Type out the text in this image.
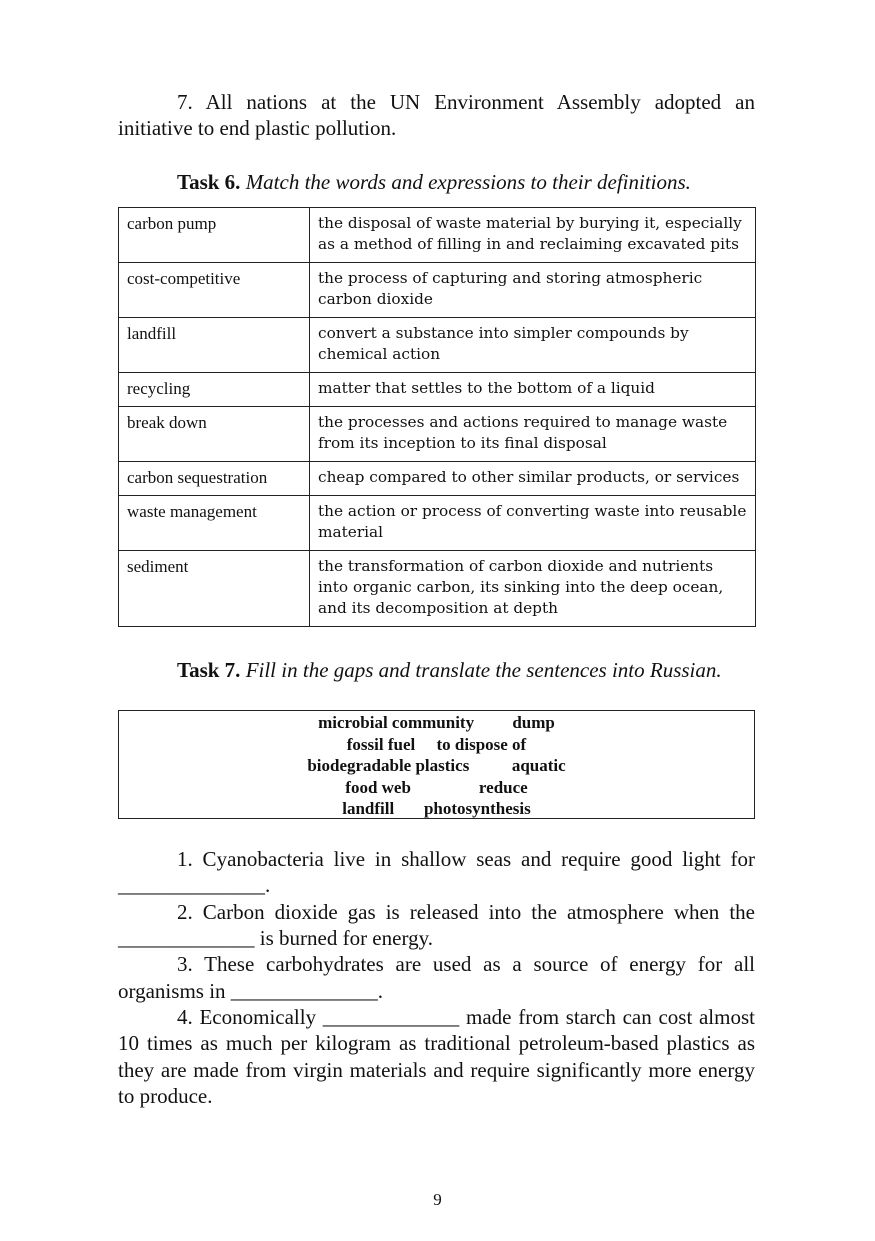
7. All nations at the UN Environment Assembly adopted an initiative to end plastic pollution.

Task 6. Match the words and expressions to their definitions.

carbon pump	the disposal of waste material by burying it, especially as a method of filling in and reclaiming excavated pits
cost-competitive	the process of capturing and storing atmospheric carbon dioxide
landfill	convert a substance into simpler compounds by chemical action
recycling	matter that settles to the bottom of a liquid
break down	the processes and actions required to manage waste from its inception to its final disposal
carbon sequestration	cheap compared to other similar products, or services
waste management	the action or process of converting waste into reusable material
sediment	the transformation of carbon dioxide and nutrients into organic carbon, its sinking into the deep ocean, and its decomposition at depth

Task 7. Fill in the gaps and translate the sentences into Russian.

microbial community         dump
fossil fuel     to dispose of
biodegradable plastics          aquatic
food web                reduce
landfill       photosynthesis

1. Cyanobacteria live in shallow seas and require good light for ______________.

2. Carbon dioxide gas is released into the atmosphere when the _____________ is burned for energy.

3. These carbohydrates are used as a source of energy for all organisms in ______________.

4. Economically _____________ made from starch can cost almost 10 times as much per kilogram as traditional petroleum-based plastics as they are made from virgin materials and require significantly more energy to produce.

9
